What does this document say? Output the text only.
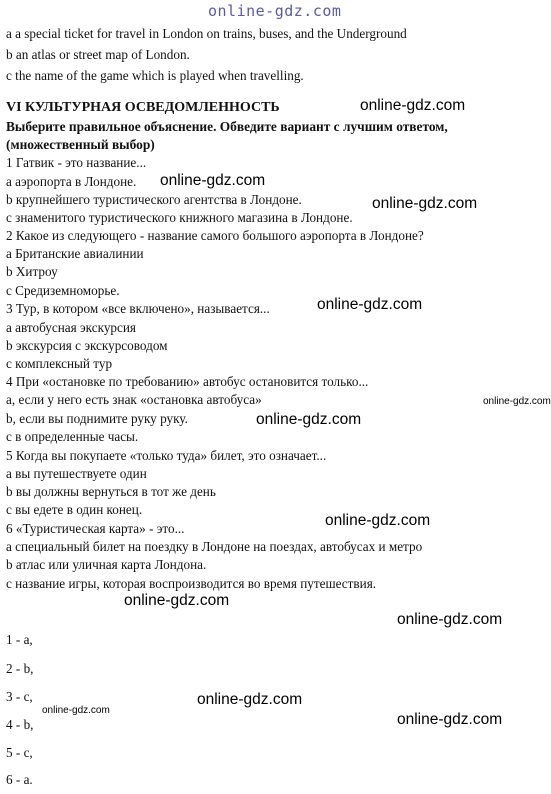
online-gdz.com
a a special ticket for travel in London on trains, buses, and the Underground
b an atlas or street map of London.
c the name of the game which is played when travelling.
VI КУЛЬТУРНАЯ ОСВЕДОМЛЕННОСТЬ	online-gdz.com
Выберите правильное объяснение. Обведите вариант с лучшим ответом,
(множественный выбор)
1 Гатвик - это название...
а аэропорта в Лондоне. online-gdz.com
b крупнейшего туристического агентства в Лондоне.	online-gdz.com
с знаменитого туристического книжного магазина в Лондоне.
2 Какое из следующего - название самого большого аэропорта в Лондоне?
а Британские авиалинии
b Хитроу
с Средиземноморье.
3 Тур, в котором «все включено», называется...	online-gdz.com
а автобусная экскурсия
b экскурсия с экскурсоводом
с комплексный тур
4 При «остановке по требованию» автобус остановится только...
а, если у него есть знак «остановка автобуса»	online-gdz.com
b, если вы поднимите руку руку.	online-gdz.com
с в определенные часы.
5 Когда вы покупаете «только туда» билет, это означает...
а вы путешествуете один
b вы должны вернуться в тот же день
с вы едете в один конец.
6 «Туристическая карта» - это...	online-gdz.com
а специальный билет на поездку в Лондоне на поездах, автобусах и метро
b атлас или уличная карта Лондона.
с название игры, которая воспроизводится во время путешествия.
online-gdz.com
online-gdz.com
1 - a,
2 - b,
3 - c,	online-gdz.com
online-gdz.com
4 - b,	online-gdz.com
5 - c,
6 - a.
